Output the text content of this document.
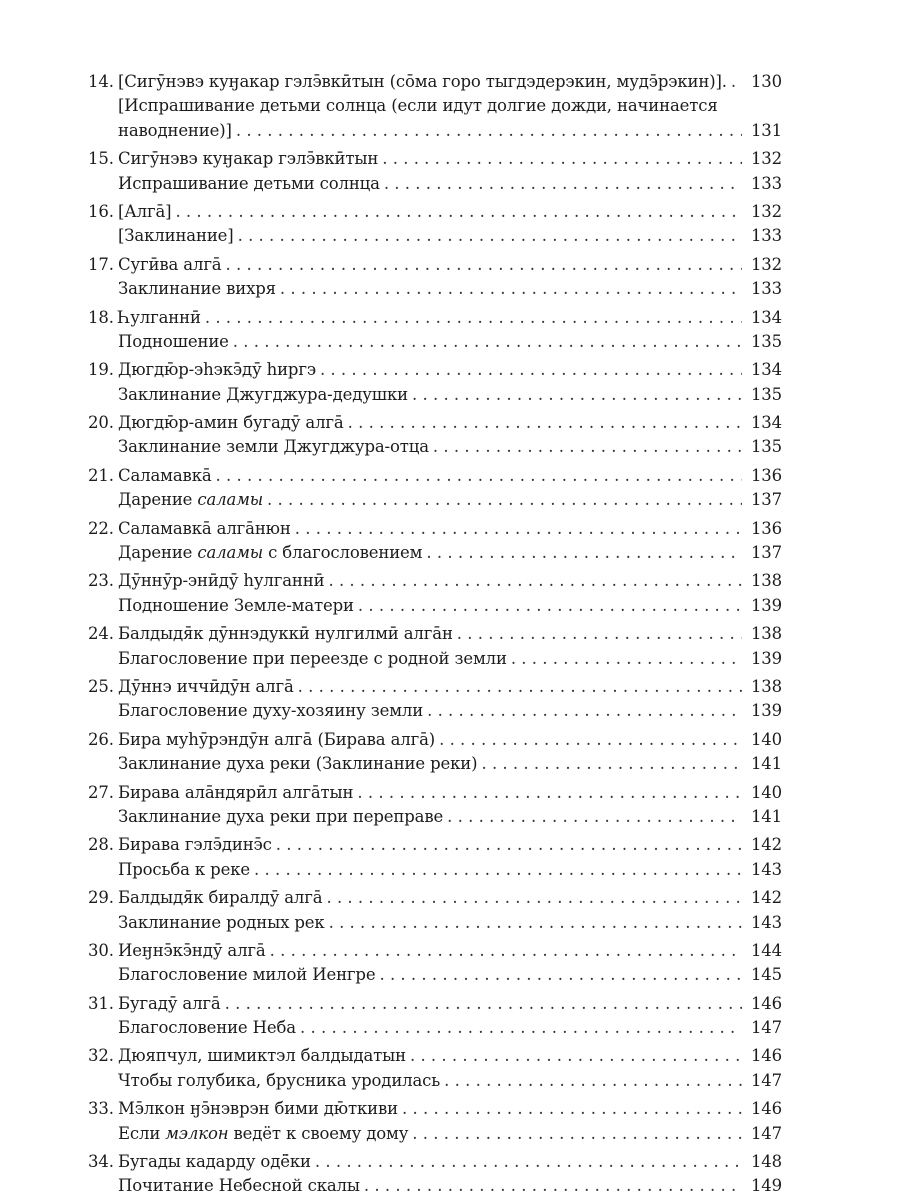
14. [Сигӯнэвэ куӈакар гэлэ̄вкӣтын (со̄ма горо тыгдэдерэкин, мудэ̄рэкин)]. . . .	130
[Испрашивание детьми солнца (если идут долгие дожди, начинается
наводнение)] . . .	131
15. Сигӯнэвэ куӈакар гэлэ̄вкӣтын . . .	132
Испрашивание детьми солнца . . .	133
16. [Алга̄] . . .	132
[Заклинание] . . .	133
17. Сугӣва алга̄ . . .	132
Заклинание вихря . . .	133
18. Һулганнӣ . . .	134
Подношение . . .	135
19. Дюгдю̄р-эһэкэ̄дӯ һиргэ . . .	134
Заклинание Джугджура-дедушки . . .	135
20. Дюгдю̄р-амин бугадӯ алга̄ . . .	134
Заклинание земли Джугджура-отца . . .	135
21. Саламавка̄ . . .	136
Дарение саламы . . .	137
22. Саламавка̄ алга̄нюн . . .	136
Дарение саламы с благословением . . .	137
23. Дӯннӯр-энӣдӯ һулганнӣ . . .	138
Подношение Земле-матери . . .	139
24. Балдыдя̄к дӯннэдуккӣ нулгилмӣ алга̄н . . .	138
Благословение при переезде с родной земли . . .	139
25. Дӯннэ иччӣдӯн алга̄ . . .	138
Благословение духу-хозяину земли . . .	139
26. Бира муһӯрэндӯн алга̄ (Бирава алга̄) . . .	140
Заклинание духа реки (Заклинание реки) . . .	141
27. Бирава ала̄ндярӣл алга̄тын . . .	140
Заклинание духа реки при переправе . . .	141
28. Бирава гэлэ̄динэ̄с . . .	142
Просьба к реке . . .	143
29. Балдыдя̄к биралдӯ алга̄ . . .	142
Заклинание родных рек . . .	143
30. Иеӈнэ̄кэ̄ндӯ алга̄ . . .	144
Благословение милой Иенгре . . .	145
31. Бугадӯ алга̄ . . .	146
Благословение Неба . . .	147
32. Дюяпчул, шимиктэл балдыдатын . . .	146
Чтобы голубика, брусника уродилась . . .	147
33. Мэ̄лкон ӈэ̄нэврэн бими дю̄ткиви . . .	146
Если мэлкон ведёт к своему дому . . .	147
34. Бугады кадарду одё̄ки . . .	148
Почитание Небесной скалы . . .	149
